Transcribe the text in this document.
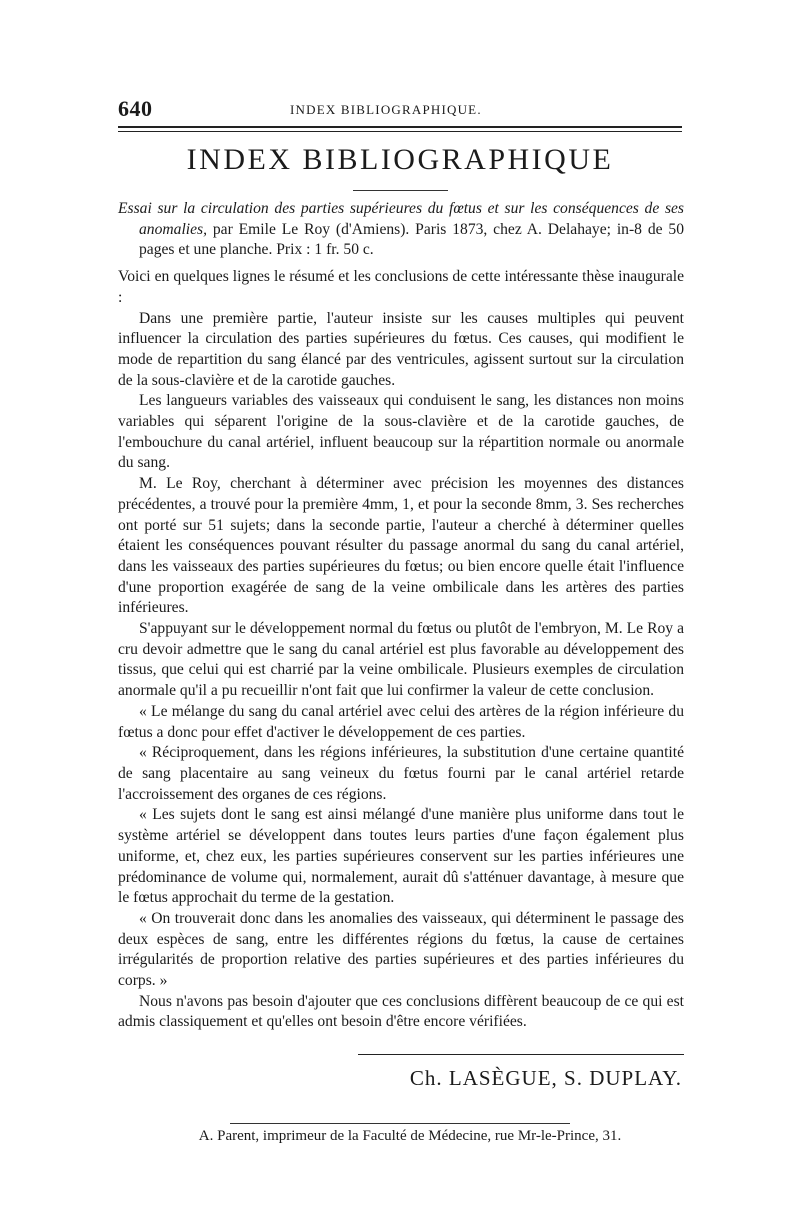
640	INDEX BIBLIOGRAPHIQUE.
INDEX BIBLIOGRAPHIQUE

Essai sur la circulation des parties supérieures du fœtus et sur les conséquences de ses anomalies, par Emile Le Roy (d'Amiens). Paris 1873, chez A. Delahaye; in-8 de 50 pages et une planche. Prix : 1 fr. 50 c.

Voici en quelques lignes le résumé et les conclusions de cette intéressante thèse inaugurale :

Dans une première partie, l'auteur insiste sur les causes multiples qui peuvent influencer la circulation des parties supérieures du fœtus. Ces causes, qui modifient le mode de repartition du sang élancé par des ventricules, agissent surtout sur la circulation de la sous-clavière et de la carotide gauches.

Les langueurs variables des vaisseaux qui conduisent le sang, les distances non moins variables qui séparent l'origine de la sous-clavière et de la carotide gauches, de l'embouchure du canal artériel, influent beaucoup sur la répartition normale ou anormale du sang.

M. Le Roy, cherchant à déterminer avec précision les moyennes des distances précédentes, a trouvé pour la première 4mm, 1, et pour la seconde 8mm, 3. Ses recherches ont porté sur 51 sujets; dans la seconde partie, l'auteur a cherché à déterminer quelles étaient les conséquences pouvant résulter du passage anormal du sang du canal artériel, dans les vaisseaux des parties supérieures du fœtus; ou bien encore quelle était l'influence d'une proportion exagérée de sang de la veine ombilicale dans les artères des parties inférieures.

S'appuyant sur le développement normal du fœtus ou plutôt de l'embryon, M. Le Roy a cru devoir admettre que le sang du canal artériel est plus favorable au développement des tissus, que celui qui est charrié par la veine ombilicale. Plusieurs exemples de circulation anormale qu'il a pu recueillir n'ont fait que lui confirmer la valeur de cette conclusion.

« Le mélange du sang du canal artériel avec celui des artères de la région inférieure du fœtus a donc pour effet d'activer le développement de ces parties.

« Réciproquement, dans les régions inférieures, la substitution d'une certaine quantité de sang placentaire au sang veineux du fœtus fourni par le canal artériel retarde l'accroissement des organes de ces régions.

« Les sujets dont le sang est ainsi mélangé d'une manière plus uniforme dans tout le système artériel se développent dans toutes leurs parties d'une façon également plus uniforme, et, chez eux, les parties supérieures conservent sur les parties inférieures une prédominance de volume qui, normalement, aurait dû s'atténuer davantage, à mesure que le fœtus approchait du terme de la gestation.

« On trouverait donc dans les anomalies des vaisseaux, qui déterminent le passage des deux espèces de sang, entre les différentes régions du fœtus, la cause de certaines irrégularités de proportion relative des parties supérieures et des parties inférieures du corps. »

Nous n'avons pas besoin d'ajouter que ces conclusions diffèrent beaucoup de ce qui est admis classiquement et qu'elles ont besoin d'être encore vérifiées.

Ch. LASÈGUE, S. DUPLAY.
A. Parent, imprimeur de la Faculté de Médecine, rue Mr-le-Prince, 31.
